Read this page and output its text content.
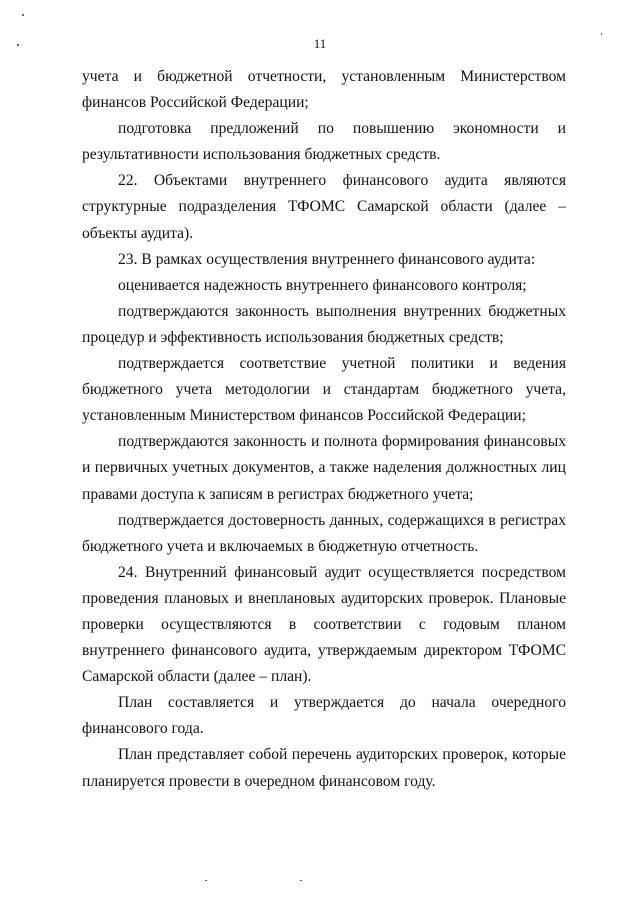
11

учета и бюджетной отчетности, установленным Министерством финансов Российской Федерации;

подготовка предложений по повышению экономности и результативности использования бюджетных средств.

22. Объектами внутреннего финансового аудита являются структурные подразделения ТФОМС Самарской области (далее – объекты аудита).

23. В рамках осуществления внутреннего финансового аудита:

оценивается надежность внутреннего финансового контроля;

подтверждаются законность выполнения внутренних бюджетных процедур и эффективность использования бюджетных средств;

подтверждается соответствие учетной политики и ведения бюджетного учета методологии и стандартам бюджетного учета, установленным Министерством финансов Российской Федерации;

подтверждаются законность и полнота формирования финансовых и первичных учетных документов, а также наделения должностных лиц правами доступа к записям в регистрах бюджетного учета;

подтверждается достоверность данных, содержащихся в регистрах бюджетного учета и включаемых в бюджетную отчетность.

24. Внутренний финансовый аудит осуществляется посредством проведения плановых и внеплановых аудиторских проверок. Плановые проверки осуществляются в соответствии с годовым планом внутреннего финансового аудита, утверждаемым директором ТФОМС Самарской области (далее – план).

План составляется и утверждается до начала очередного финансового года.

План представляет собой перечень аудиторских проверок, которые планируется провести в очередном финансовом году.
